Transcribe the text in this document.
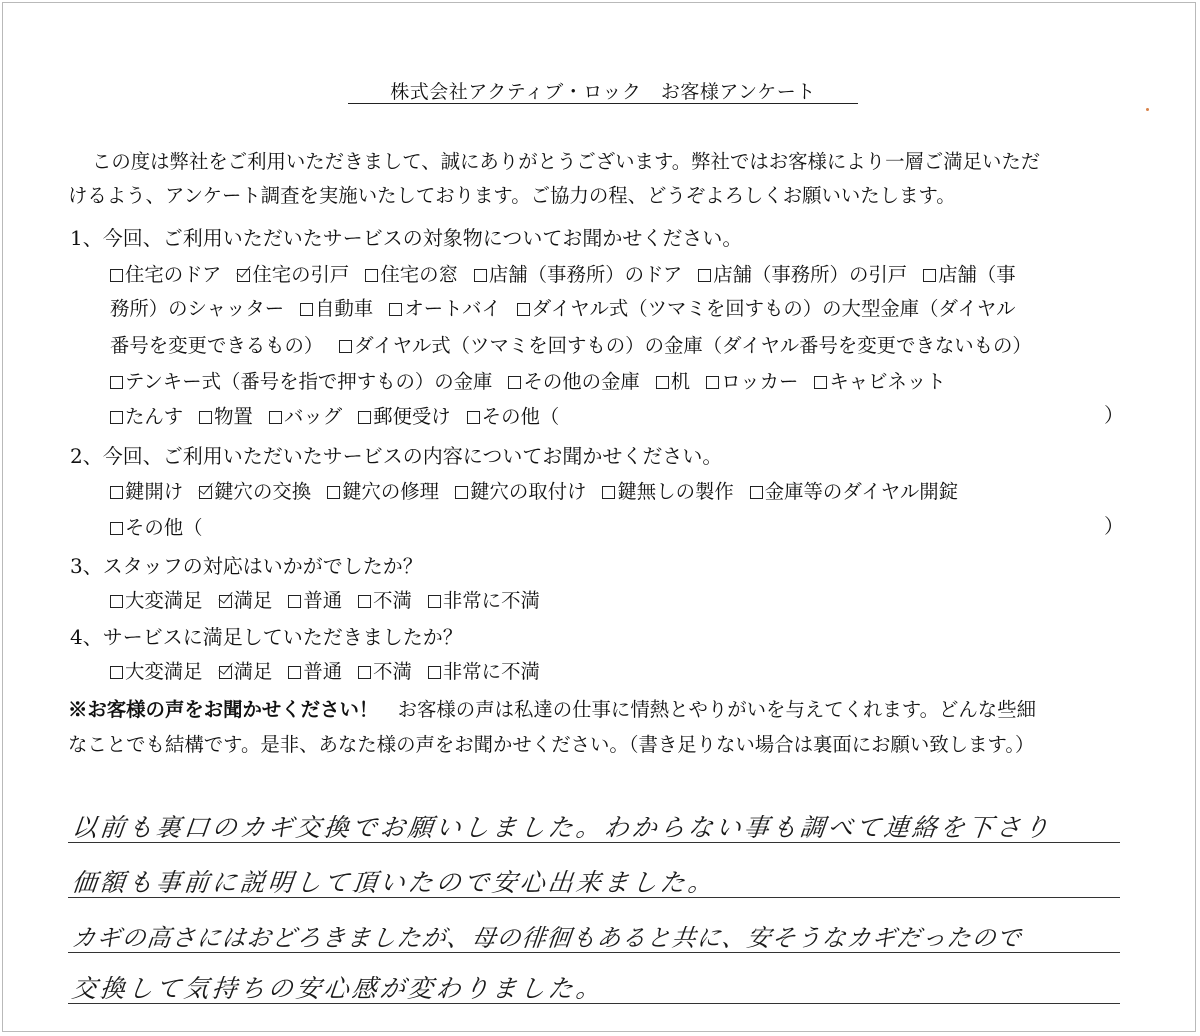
株式会社アクティブ・ロック　お客様アンケート
この度は弊社をご利用いただきまして、誠にありがとうございます。弊社ではお客様により一層ご満足いただ
けるよう、アンケート調査を実施いたしております。ご協力の程、どうぞよろしくお願いいたします。
1、今回、ご利用いただいたサービスの対象物についてお聞かせください。
住宅のドア 住宅の引戸 住宅の窓 店舗（事務所）のドア 店舗（事務所）の引戸 店舗（事
務所）のシャッター 自動車 オートバイ ダイヤル式（ツマミを回すもの）の大型金庫（ダイヤル
番号を変更できるもの） ダイヤル式（ツマミを回すもの）の金庫（ダイヤル番号を変更できないもの）
テンキー式（番号を指で押すもの）の金庫 その他の金庫 机 ロッカー キャビネット
たんす 物置 バッグ 郵便受け その他（	）
2、今回、ご利用いただいたサービスの内容についてお聞かせください。
鍵開け 鍵穴の交換 鍵穴の修理 鍵穴の取付け 鍵無しの製作 金庫等のダイヤル開錠
その他（	）
3、スタッフの対応はいかがでしたか？
大変満足 満足 普通 不満 非常に不満
4、サービスに満足していただきましたか？
大変満足 満足 普通 不満 非常に不満
※お客様の声をお聞かせください！　 お客様の声は私達の仕事に情熱とやりがいを与えてくれます。どんな些細
なことでも結構です。是非、あなた様の声をお聞かせください。（書き足りない場合は裏面にお願い致します。）
以前も裏口のカギ交換でお願いしました。わからない事も調べて連絡を下さり
価額も事前に説明して頂いたので安心出来ました。
カギの高さにはおどろきましたが、母の徘徊もあると共に、安そうなカギだったので
交換して気持ちの安心感が変わりました。
